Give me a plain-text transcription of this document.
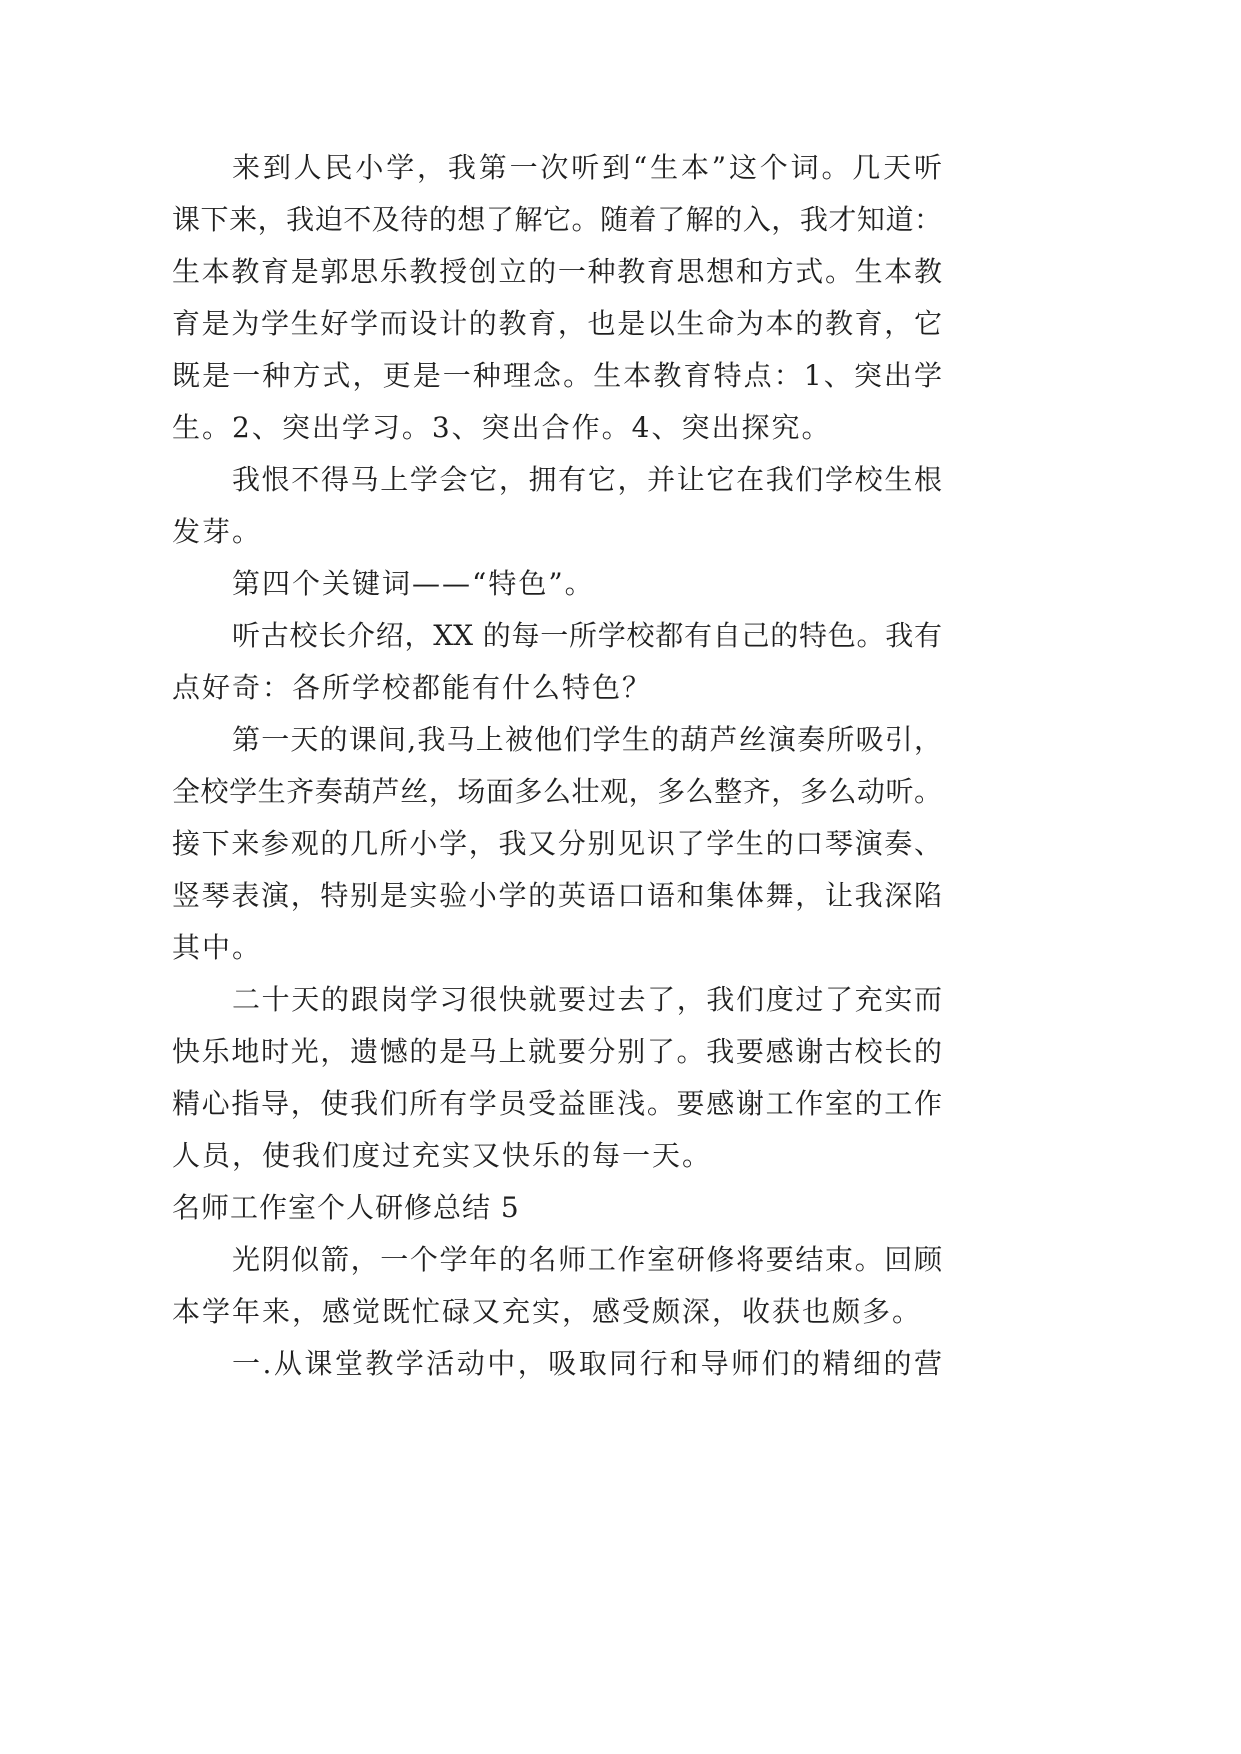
来到人民小学，我第一次听到“生本”这个词。几天听
课下来，我迫不及待的想了解它。随着了解的入，我才知道：
生本教育是郭思乐教授创立的一种教育思想和方式。生本教
育是为学生好学而设计的教育，也是以生命为本的教育，它
既是一种方式，更是一种理念。生本教育特点：1、突出学
生。2、突出学习。3、突出合作。4、突出探究。
我恨不得马上学会它，拥有它，并让它在我们学校生根
发芽。
第四个关键词——“特色”。
听古校长介绍，XX 的每一所学校都有自己的特色。我有
点好奇：各所学校都能有什么特色？
第一天的课间,我马上被他们学生的葫芦丝演奏所吸引，
全校学生齐奏葫芦丝，场面多么壮观，多么整齐，多么动听。
接下来参观的几所小学，我又分别见识了学生的口琴演奏、
竖琴表演，特别是实验小学的英语口语和集体舞，让我深陷
其中。
二十天的跟岗学习很快就要过去了，我们度过了充实而
快乐地时光，遗憾的是马上就要分别了。我要感谢古校长的
精心指导，使我们所有学员受益匪浅。要感谢工作室的工作
人员，使我们度过充实又快乐的每一天。
名师工作室个人研修总结 5
光阴似箭，一个学年的名师工作室研修将要结束。回顾
本学年来，感觉既忙碌又充实，感受颇深，收获也颇多。
一.从课堂教学活动中，吸取同行和导师们的精细的营
